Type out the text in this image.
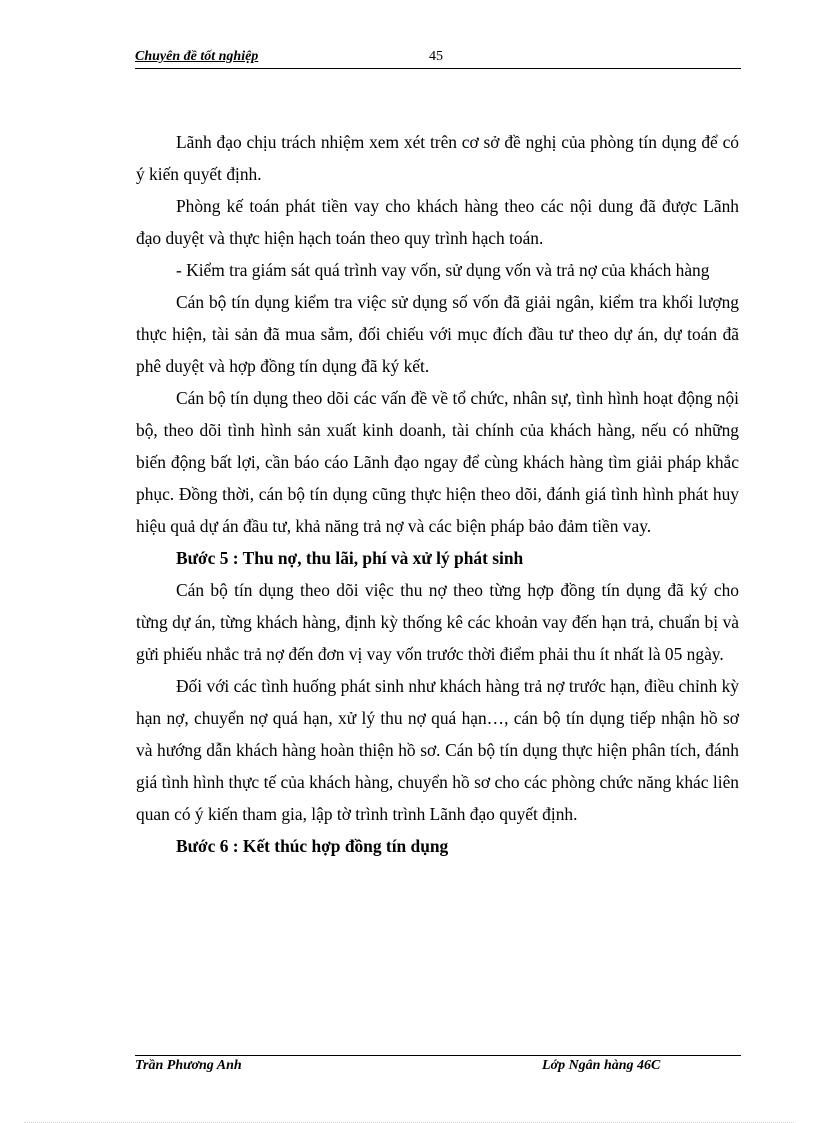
Chuyên đề tốt nghiệp	45

Lãnh đạo chịu trách nhiệm xem xét trên cơ sở đề nghị của phòng tín dụng để có ý kiến quyết định.

Phòng kế toán phát tiền vay cho khách hàng theo các nội dung đã được Lãnh đạo duyệt và thực hiện hạch toán theo quy trình hạch toán.

- Kiểm tra giám sát quá trình vay vốn, sử dụng vốn và trả nợ của khách hàng

Cán bộ tín dụng kiểm tra việc sử dụng số vốn đã giải ngân, kiểm tra khối lượng thực hiện, tài sản đã mua sắm, đối chiếu với mục đích đầu tư theo dự án, dự toán đã phê duyệt và hợp đồng tín dụng đã ký kết.

Cán bộ tín dụng theo dõi các vấn đề về tổ chức, nhân sự, tình hình hoạt động nội bộ, theo dõi tình hình sản xuất kinh doanh, tài chính của khách hàng, nếu có những biến động bất lợi, cần báo cáo Lãnh đạo ngay để cùng khách hàng tìm giải pháp khắc phục. Đồng thời, cán bộ tín dụng cũng thực hiện theo dõi, đánh giá tình hình phát huy hiệu quả dự án đầu tư, khả năng trả nợ và các biện pháp bảo đảm tiền vay.

Bước 5 : Thu nợ, thu lãi, phí và xử lý phát sinh

Cán bộ tín dụng theo dõi việc thu nợ theo từng hợp đồng tín dụng đã ký cho từng dự án, từng khách hàng, định kỳ thống kê các khoản vay đến hạn trả, chuẩn bị và gửi phiếu nhắc trả nợ đến đơn vị vay vốn trước thời điểm phải thu ít nhất là 05 ngày.

Đối với các tình huống phát sinh như khách hàng trả nợ trước hạn, điều chỉnh kỳ hạn nợ, chuyển nợ quá hạn, xử lý thu nợ quá hạn…, cán bộ tín dụng tiếp nhận hồ sơ và hướng dẫn khách hàng hoàn thiện hồ sơ. Cán bộ tín dụng thực hiện phân tích, đánh giá tình hình thực tế của khách hàng, chuyển hồ sơ cho các phòng chức năng khác liên quan có ý kiến tham gia, lập tờ trình trình Lãnh đạo quyết định.

Bước 6 : Kết thúc hợp đồng tín dụng

Trần Phương Anh	Lớp Ngân hàng 46C
